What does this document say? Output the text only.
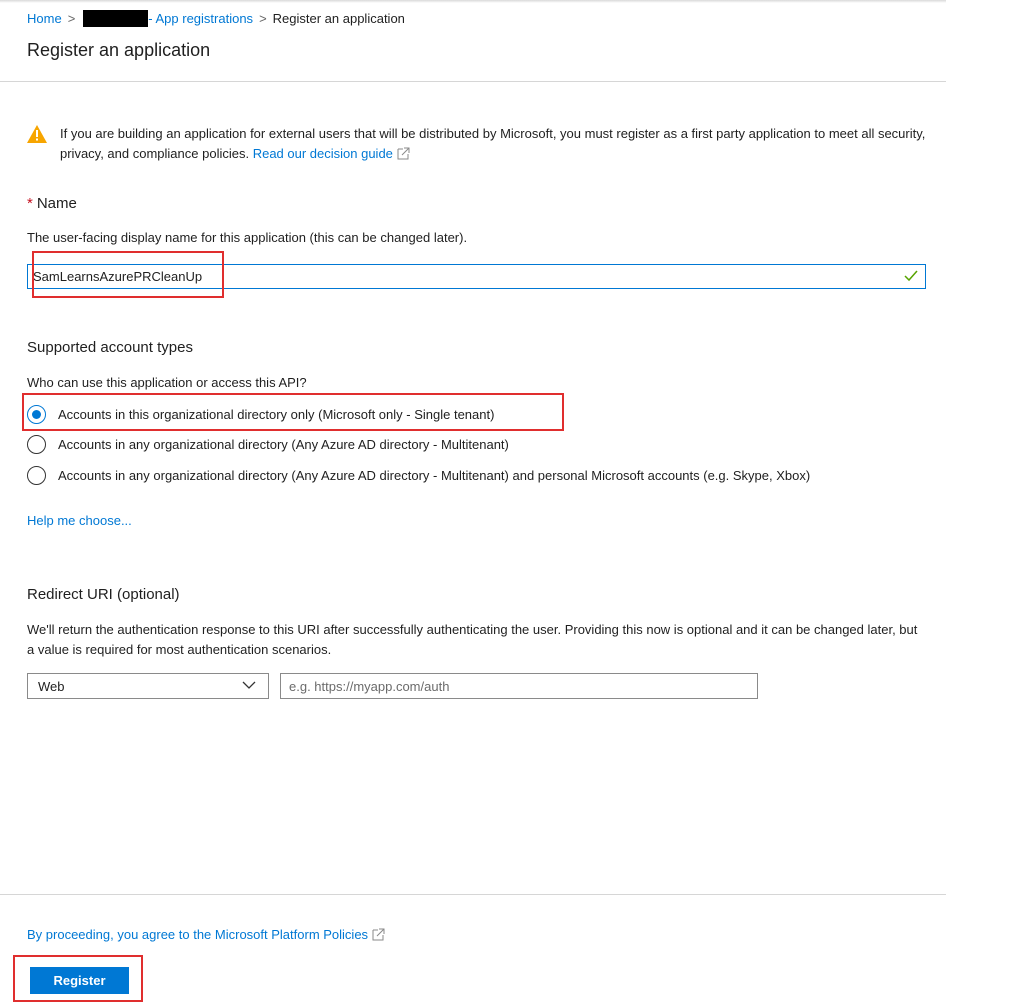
Home >	- App registrations > Register an application
Register an application
If you are building an application for external users that will be distributed by Microsoft, you must register as a first party application to meet all security, privacy, and compliance policies. Read our decision guide
* Name
The user-facing display name for this application (this can be changed later).
SamLearnsAzurePRCleanUp
Supported account types
Who can use this application or access this API?
Accounts in this organizational directory only (Microsoft only - Single tenant)
Accounts in any organizational directory (Any Azure AD directory - Multitenant)
Accounts in any organizational directory (Any Azure AD directory - Multitenant) and personal Microsoft accounts (e.g. Skype, Xbox)
Help me choose...
Redirect URI (optional)
We'll return the authentication response to this URI after successfully authenticating the user. Providing this now is optional and it can be changed later, but a value is required for most authentication scenarios.
Web
e.g. https://myapp.com/auth
By proceeding, you agree to the Microsoft Platform Policies
Register
